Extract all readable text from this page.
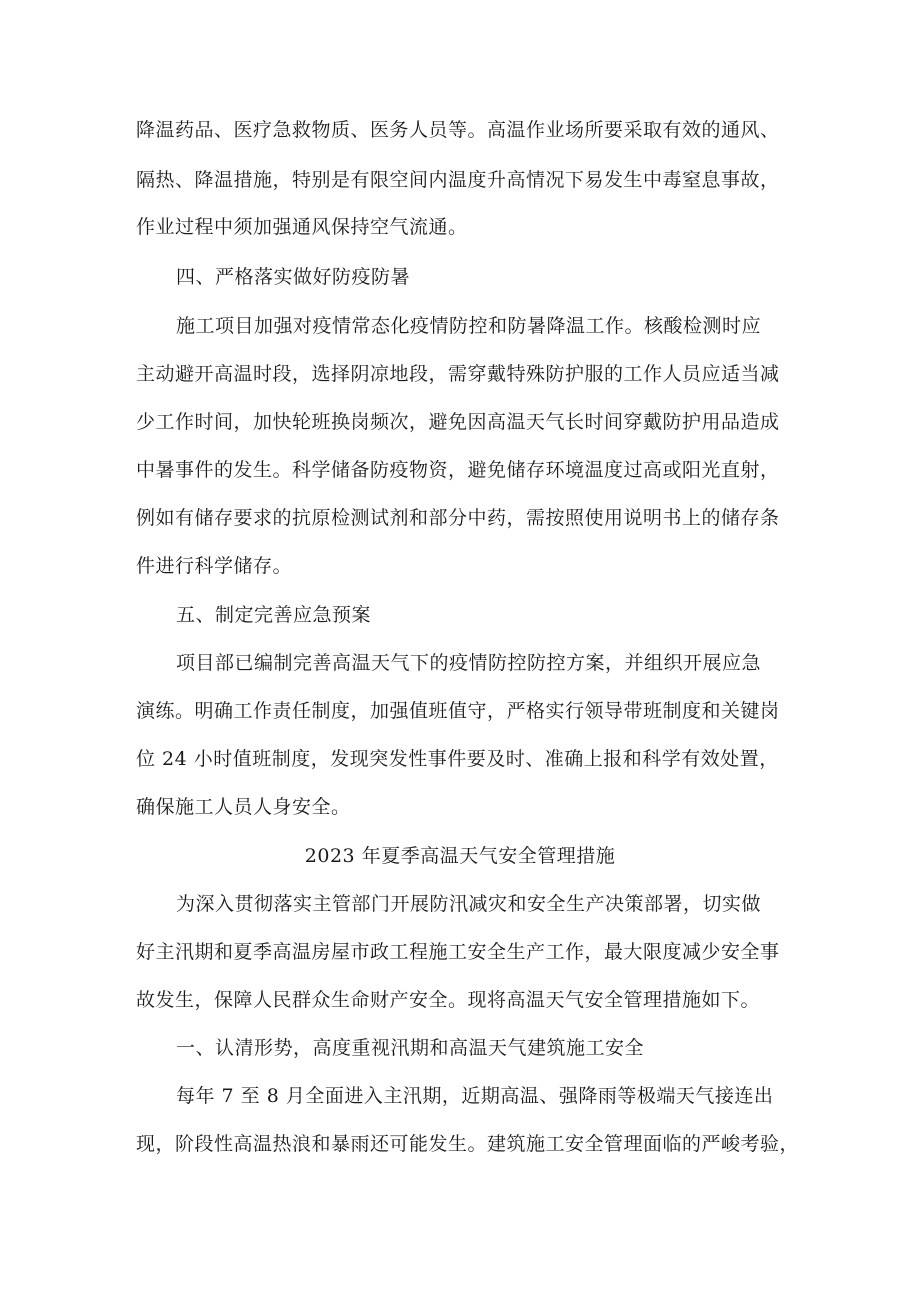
降温药品、医疗急救物质、医务人员等。高温作业场所要采取有效的通风、
隔热、降温措施，特别是有限空间内温度升高情况下易发生中毒窒息事故，
作业过程中须加强通风保持空气流通。
四、严格落实做好防疫防暑
施工项目加强对疫情常态化疫情防控和防暑降温工作。核酸检测时应
主动避开高温时段，选择阴凉地段，需穿戴特殊防护服的工作人员应适当减
少工作时间，加快轮班换岗频次，避免因高温天气长时间穿戴防护用品造成
中暑事件的发生。科学储备防疫物资，避免储存环境温度过高或阳光直射，
例如有储存要求的抗原检测试剂和部分中药，需按照使用说明书上的储存条
件进行科学储存。
五、制定完善应急预案
项目部已编制完善高温天气下的疫情防控防控方案，并组织开展应急
演练。明确工作责任制度，加强值班值守，严格实行领导带班制度和关键岗
位 24 小时值班制度，发现突发性事件要及时、准确上报和科学有效处置，
确保施工人员人身安全。
2023 年夏季高温天气安全管理措施
为深入贯彻落实主管部门开展防汛减灾和安全生产决策部署，切实做
好主汛期和夏季高温房屋市政工程施工安全生产工作，最大限度减少安全事
故发生，保障人民群众生命财产安全。现将高温天气安全管理措施如下。
一、认清形势，高度重视汛期和高温天气建筑施工安全
每年 7 至 8 月全面进入主汛期，近期高温、强降雨等极端天气接连出
现，阶段性高温热浪和暴雨还可能发生。建筑施工安全管理面临的严峻考验，
